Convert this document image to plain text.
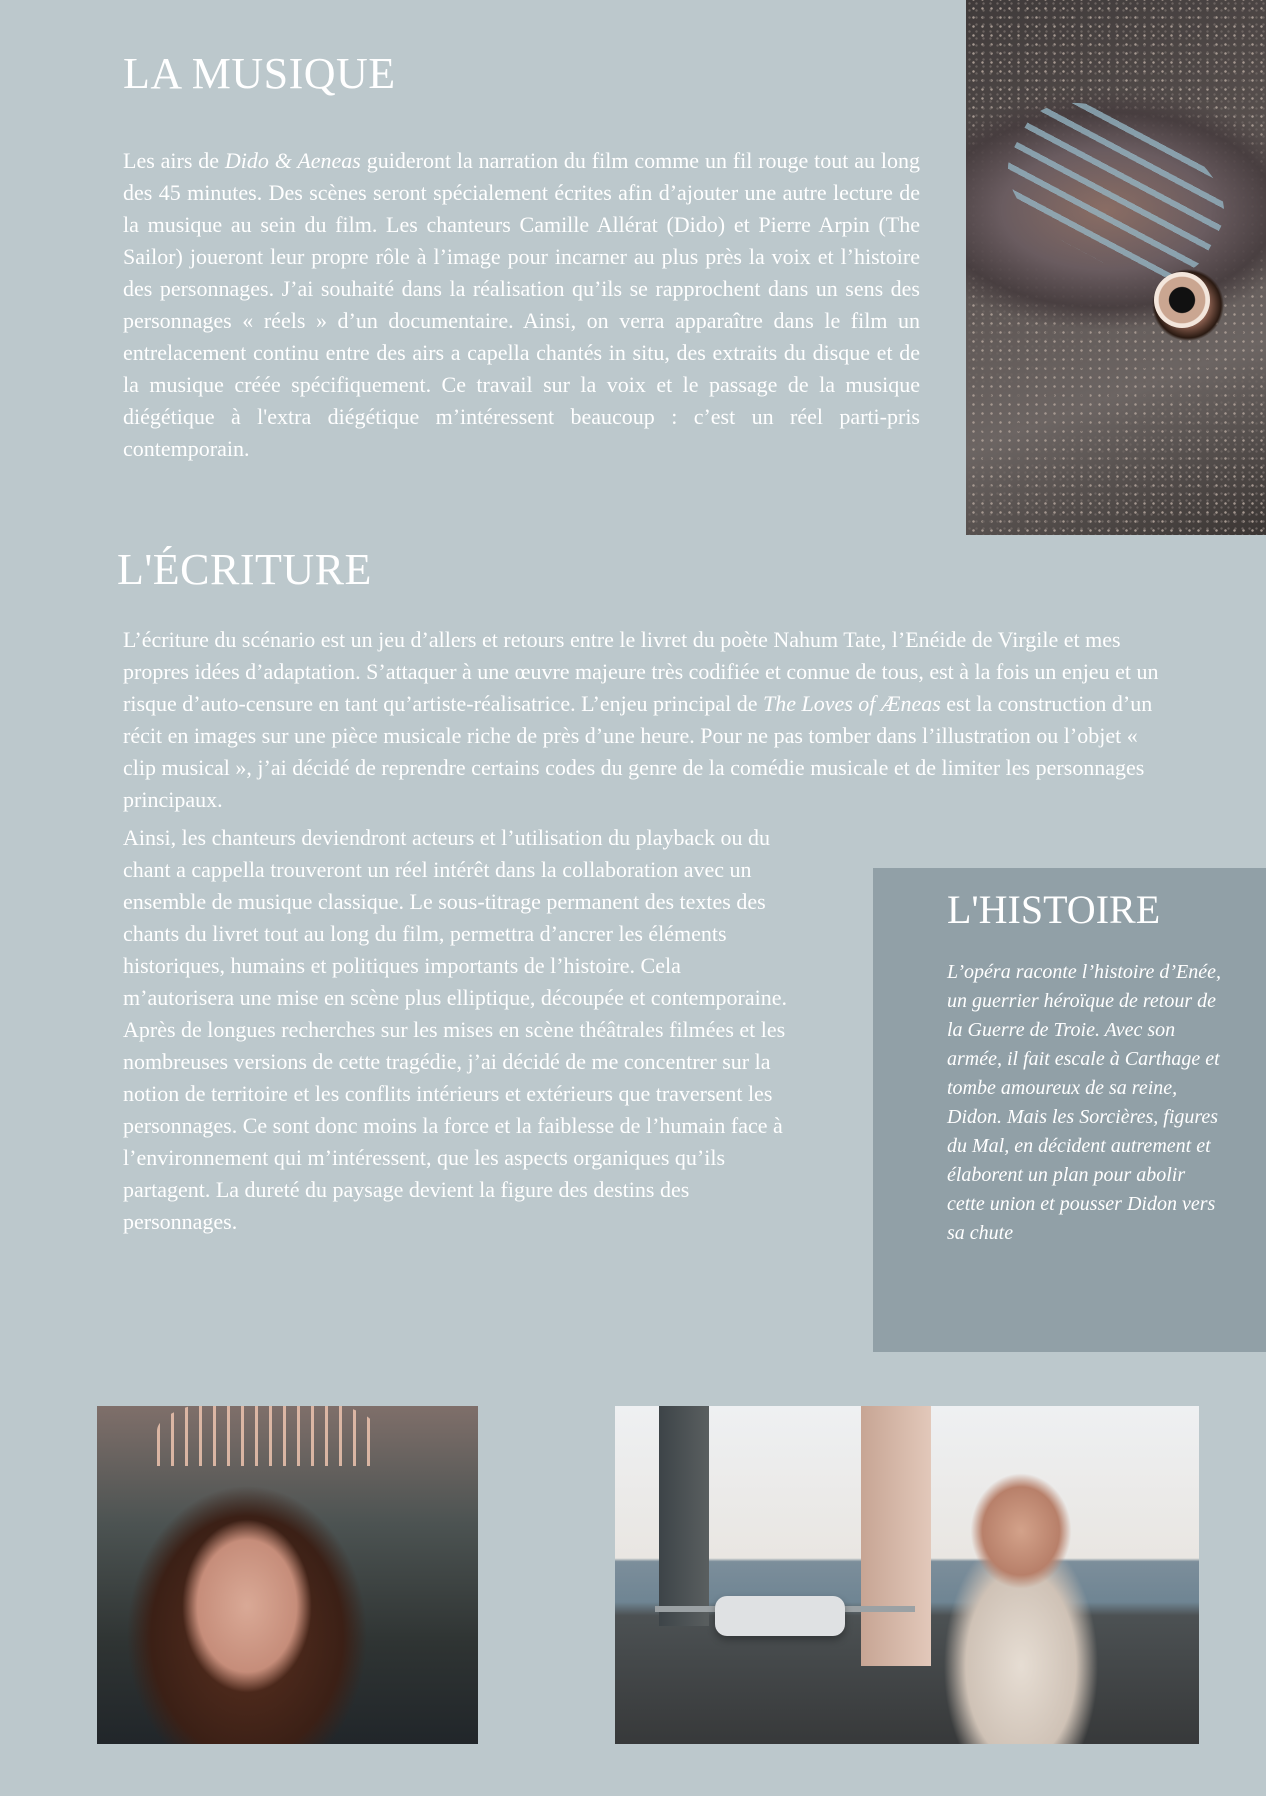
LA MUSIQUE

Les airs de Dido & Aeneas guideront la narration du film comme un fil rouge tout au long des 45 minutes. Des scènes seront spécialement écrites afin d’ajouter une autre lecture de la musique au sein du film. Les chanteurs Camille Allérat (Dido) et Pierre Arpin (The Sailor) joueront leur propre rôle à l’image pour incarner au plus près la voix et l’histoire des personnages. J’ai souhaité dans la réalisation qu’ils se rapprochent dans un sens des personnages « réels » d’un documentaire. Ainsi, on verra apparaître dans le film un entrelacement continu entre des airs a capella chantés in situ, des extraits du disque et de la musique créée spécifiquement. Ce travail sur la voix et le passage de la musique diégétique à l'extra diégétique m’intéressent beaucoup : c’est un réel parti-pris contemporain.

L'ÉCRITURE

L’écriture du scénario est un jeu d’allers et retours entre le livret du poète Nahum Tate, l’Enéide de Virgile et mes propres idées d’adaptation. S’attaquer à une œuvre majeure très codifiée et connue de tous, est à la fois un enjeu et un risque d’auto-censure en tant qu’artiste-réalisatrice. L’enjeu principal de The Loves of Æneas est la construction d’un récit en images sur une pièce musicale riche de près d’une heure. Pour ne pas tomber dans l’illustration ou l’objet « clip musical », j’ai décidé de reprendre certains codes du genre de la comédie musicale et de limiter les personnages principaux.

Ainsi, les chanteurs deviendront acteurs et l’utilisation du playback ou du chant a cappella trouveront un réel intérêt dans la collaboration avec un ensemble de musique classique. Le sous-titrage permanent des textes des chants du livret tout au long du film, permettra d’ancrer les éléments historiques, humains et politiques importants de l’histoire. Cela m’autorisera une mise en scène plus elliptique, découpée et contemporaine. Après de longues recherches sur les mises en scène théâtrales filmées et les nombreuses versions de cette tragédie, j’ai décidé de me concentrer sur la notion de territoire et les conflits intérieurs et extérieurs que traversent les personnages. Ce sont donc moins la force et la faiblesse de l’humain face à l’environnement qui m’intéressent, que les aspects organiques qu’ils partagent. La dureté du paysage devient la figure des destins des personnages.

L'HISTOIRE

L’opéra raconte l’histoire d’Enée, un guerrier héroïque de retour de la Guerre de Troie. Avec son armée, il fait escale à Carthage et tombe amoureux de sa reine, Didon. Mais les Sorcières, figures du Mal, en décident autrement et élaborent un plan pour abolir cette union et pousser Didon vers sa chute
